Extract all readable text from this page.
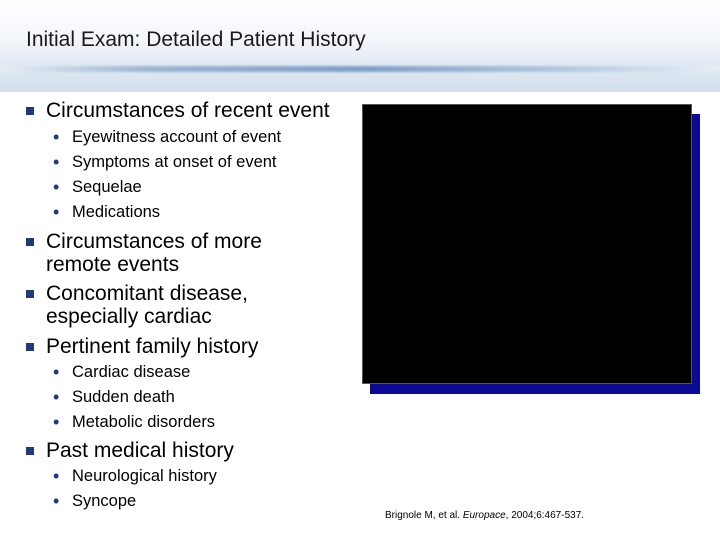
Initial Exam: Detailed Patient History
Circumstances of recent event
• Eyewitness account of event
• Symptoms at onset of event
• Sequelae
• Medications
Circumstances of more
remote events
Concomitant disease,
especially cardiac
Pertinent family history
• Cardiac disease
• Sudden death
• Metabolic disorders
Past medical history
• Neurological history
• Syncope
Brignole M, et al. Europace, 2004;6:467-537.
